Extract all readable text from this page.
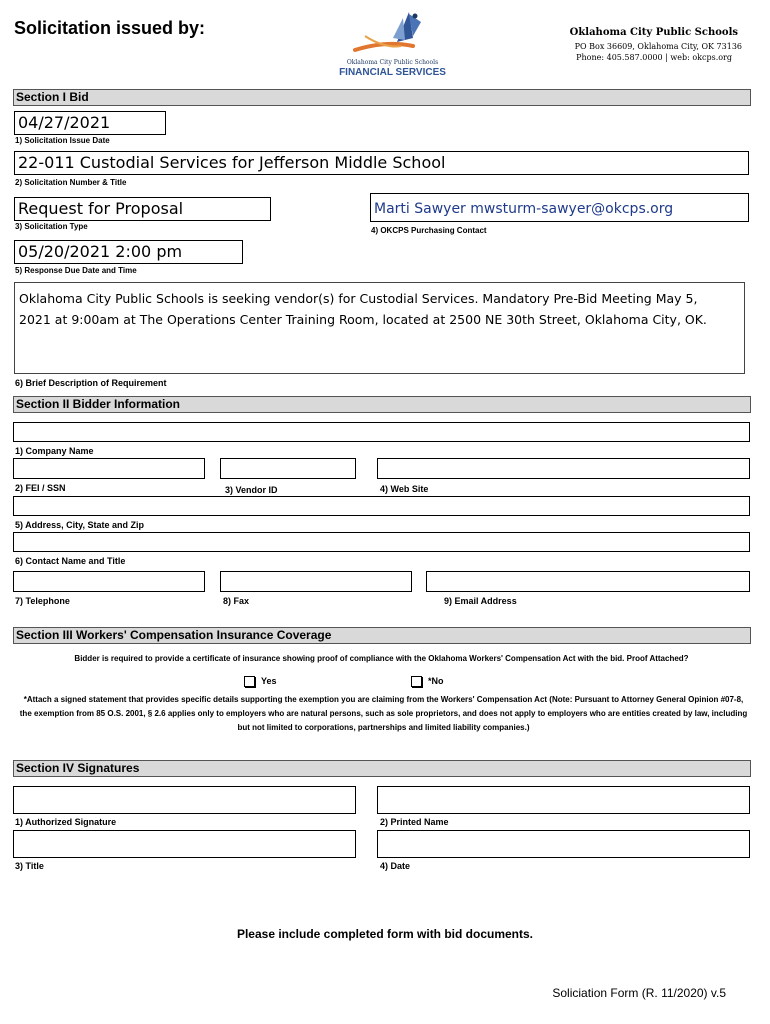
Solicitation issued by:
Oklahoma City Public Schools
FINANCIAL SERVICES
Oklahoma City Public Schools
PO Box 36609, Oklahoma City, OK 73136
Phone: 405.587.0000 | web: okcps.org
Section I Bid
04/27/2021
1) Solicitation Issue Date
22-011 Custodial Services for Jefferson Middle School
2) Solicitation Number & Title
Request for Proposal
3) Solicitation Type
Marti Sawyer mwsturm-sawyer@okcps.org
4) OKCPS Purchasing Contact
05/20/2021 2:00 pm
5) Response Due Date and Time
Oklahoma City Public Schools is seeking vendor(s) for Custodial Services. Mandatory Pre-Bid Meeting May 5, 2021 at 9:00am at The Operations Center Training Room, located at 2500 NE 30th Street, Oklahoma City, OK.
6) Brief Description of Requirement
Section II Bidder Information
1) Company Name
2) FEI / SSN	3) Vendor ID	4) Web Site
5) Address, City, State and Zip
6) Contact Name and Title
7) Telephone	8) Fax	9) Email Address
Section III Workers' Compensation Insurance Coverage
Bidder is required to provide a certificate of insurance showing proof of compliance with the Oklahoma Workers' Compensation Act with the bid. Proof Attached?
Yes	*No
*Attach a signed statement that provides specific details supporting the exemption you are claiming from the Workers' Compensation Act (Note: Pursuant to Attorney General Opinion #07-8, the exemption from 85 O.S. 2001, § 2.6 applies only to employers who are natural persons, such as sole proprietors, and does not apply to employers who are entities created by law, including but not limited to corporations, partnerships and limited liability companies.)
Section IV Signatures
1) Authorized Signature	2) Printed Name
3) Title	4) Date
Please include completed form with bid documents.
Soliciation Form (R. 11/2020) v.5
